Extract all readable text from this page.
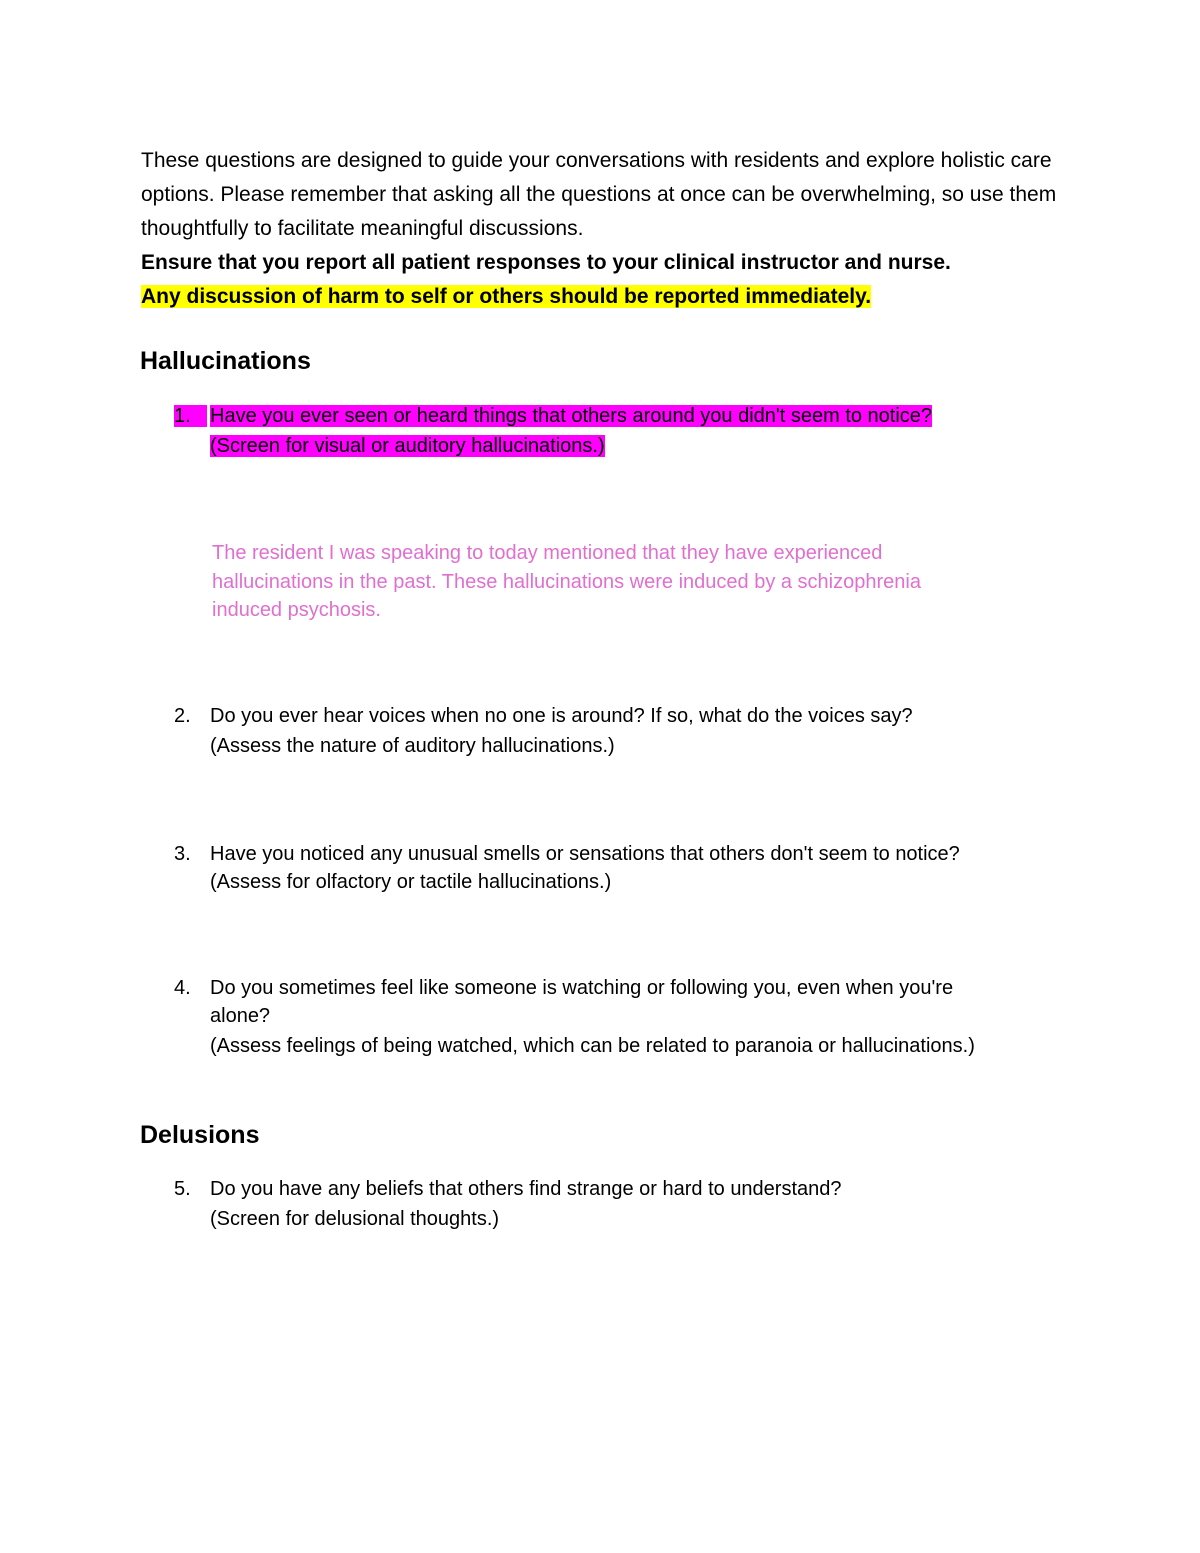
These questions are designed to guide your conversations with residents and explore holistic care options. Please remember that asking all the questions at once can be overwhelming, so use them thoughtfully to facilitate meaningful discussions.

Ensure that you report all patient responses to your clinical instructor and nurse.

Any discussion of harm to self or others should be reported immediately.

Hallucinations
1. Have you ever seen or heard things that others around you didn't seem to notice?
(Screen for visual or auditory hallucinations.)
The resident I was speaking to today mentioned that they have experienced
hallucinations in the past. These hallucinations were induced by a schizophrenia
induced psychosis.
2. Do you ever hear voices when no one is around? If so, what do the voices say?
(Assess the nature of auditory hallucinations.)
3. Have you noticed any unusual smells or sensations that others don't seem to notice?
(Assess for olfactory or tactile hallucinations.)
4. Do you sometimes feel like someone is watching or following you, even when you're
alone?
(Assess feelings of being watched, which can be related to paranoia or hallucinations.)
Delusions
5. Do you have any beliefs that others find strange or hard to understand?
(Screen for delusional thoughts.)
